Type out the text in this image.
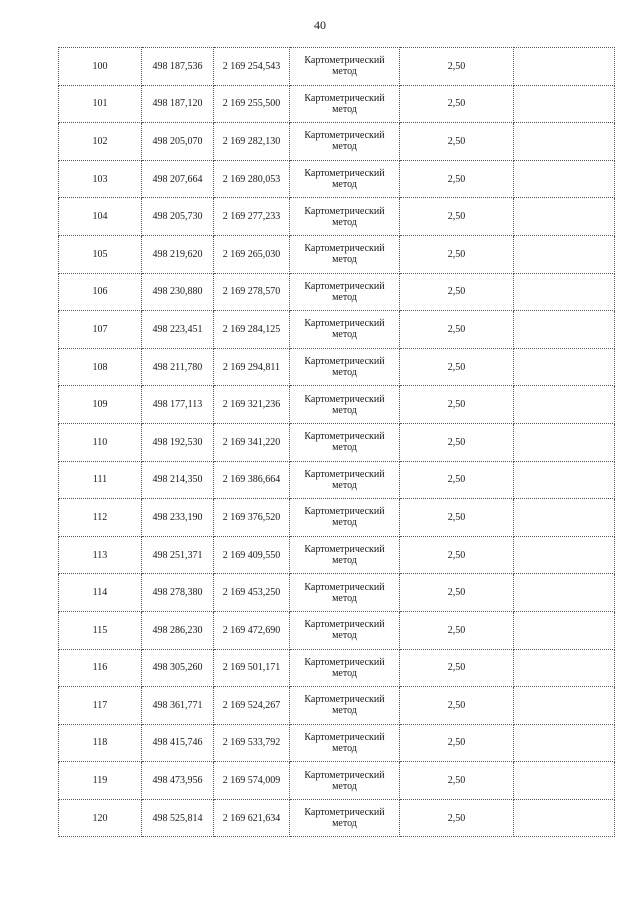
40
100	498 187,536	2 169 254,543	Картометрический
метод	2,50	
101	498 187,120	2 169 255,500	Картометрический
метод	2,50	
102	498 205,070	2 169 282,130	Картометрический
метод	2,50	
103	498 207,664	2 169 280,053	Картометрический
метод	2,50	
104	498 205,730	2 169 277,233	Картометрический
метод	2,50	
105	498 219,620	2 169 265,030	Картометрический
метод	2,50	
106	498 230,880	2 169 278,570	Картометрический
метод	2,50	
107	498 223,451	2 169 284,125	Картометрический
метод	2,50	
108	498 211,780	2 169 294,811	Картометрический
метод	2,50	
109	498 177,113	2 169 321,236	Картометрический
метод	2,50	
110	498 192,530	2 169 341,220	Картометрический
метод	2,50	
111	498 214,350	2 169 386,664	Картометрический
метод	2,50	
112	498 233,190	2 169 376,520	Картометрический
метод	2,50	
113	498 251,371	2 169 409,550	Картометрический
метод	2,50	
114	498 278,380	2 169 453,250	Картометрический
метод	2,50	
115	498 286,230	2 169 472,690	Картометрический
метод	2,50	
116	498 305,260	2 169 501,171	Картометрический
метод	2,50	
117	498 361,771	2 169 524,267	Картометрический
метод	2,50	
118	498 415,746	2 169 533,792	Картометрический
метод	2,50	
119	498 473,956	2 169 574,009	Картометрический
метод	2,50	
120	498 525,814	2 169 621,634	Картометрический
метод	2,50	
